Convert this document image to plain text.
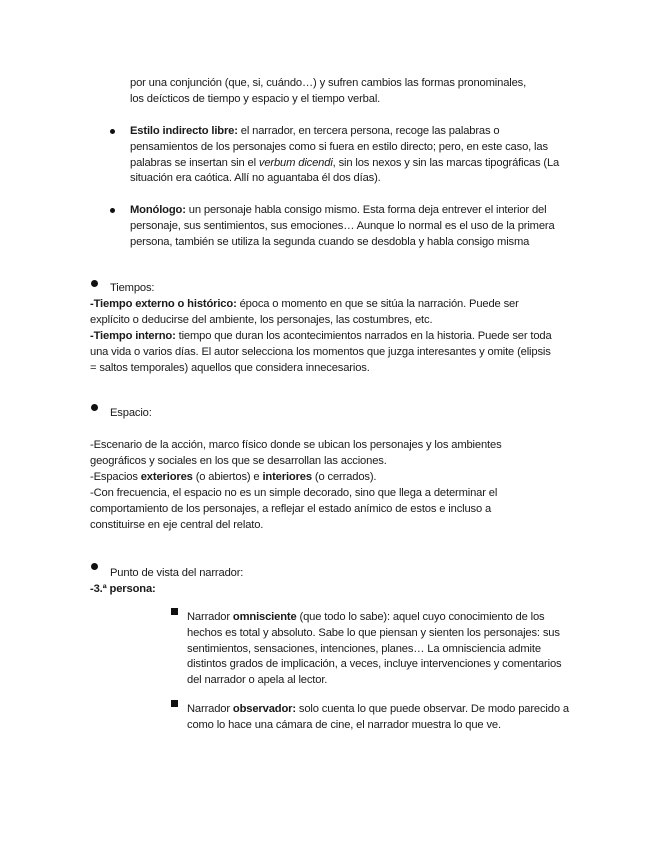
por una conjunción (que, si, cuándo…) y sufren cambios las formas pronominales,
los deícticos de tiempo y espacio y el tiempo verbal.
Estilo indirecto libre: el narrador, en tercera persona, recoge las palabras o pensamientos de los personajes como si fuera en estilo directo; pero, en este caso, las palabras se insertan sin el verbum dicendi, sin los nexos y sin las marcas tipográficas (La situación era caótica. Allí no aguantaba él dos días).
Monólogo: un personaje habla consigo mismo. Esta forma deja entrever el interior del personaje, sus sentimientos, sus emociones… Aunque lo normal es el uso de la primera persona, también se utiliza la segunda cuando se desdobla y habla consigo misma
Tiempos:
-Tiempo externo o histórico: época o momento en que se sitúa la narración. Puede ser explícito o deducirse del ambiente, los personajes, las costumbres, etc.
-Tiempo interno: tiempo que duran los acontecimientos narrados en la historia. Puede ser toda una vida o varios días. El autor selecciona los momentos que juzga interesantes y omite (elipsis = saltos temporales) aquellos que considera innecesarios.
Espacio:
-Escenario de la acción, marco físico donde se ubican los personajes y los ambientes geográficos y sociales en los que se desarrollan las acciones.
-Espacios exteriores (o abiertos) e interiores (o cerrados).
-Con frecuencia, el espacio no es un simple decorado, sino que llega a determinar el comportamiento de los personajes, a reflejar el estado anímico de estos e incluso a constituirse en eje central del relato.
Punto de vista del narrador:
-3.ª persona:
Narrador omnisciente (que todo lo sabe): aquel cuyo conocimiento de los hechos es total y absoluto. Sabe lo que piensan y sienten los personajes: sus sentimientos, sensaciones, intenciones, planes… La omnisciencia admite distintos grados de implicación, a veces, incluye intervenciones y comentarios del narrador o apela al lector.
Narrador observador: solo cuenta lo que puede observar. De modo parecido a como lo hace una cámara de cine, el narrador muestra lo que ve.
